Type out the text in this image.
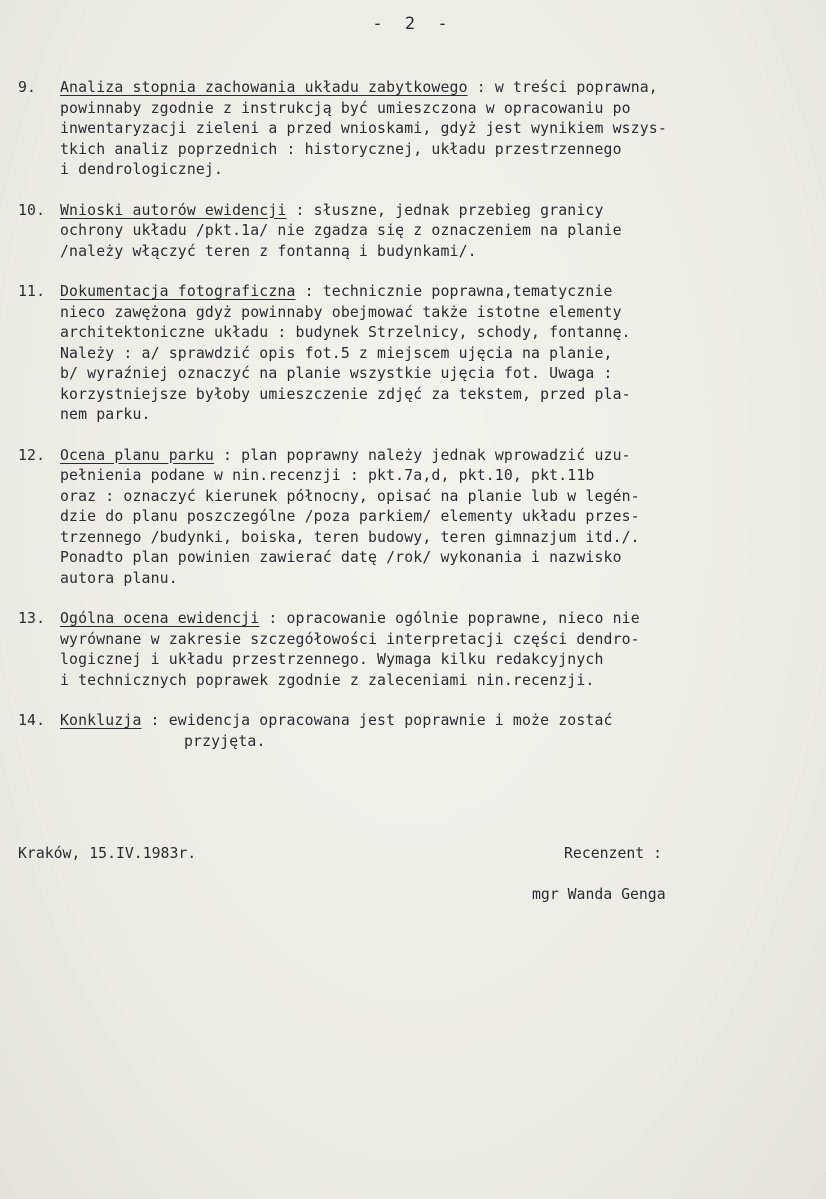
- 2 -
9. Analiza stopnia zachowania układu zabytkowego : w treści poprawna,
powinnaby zgodnie z instrukcją być umieszczona w opracowaniu po
inwentaryzacji zieleni a przed wnioskami, gdyż jest wynikiem wszys-
tkich analiz poprzednich : historycznej, układu przestrzennego
i dendrologicznej.
10. Wnioski autorów ewidencji : słuszne, jednak przebieg granicy
ochrony układu /pkt.1a/ nie zgadza się z oznaczeniem na planie
/należy włączyć teren z fontanną i budynkami/.
11. Dokumentacja fotograficzna : technicznie poprawna,tematycznie
nieco zawężona gdyż powinnaby obejmować także istotne elementy
architektoniczne układu : budynek Strzelnicy, schody, fontannę.
Należy : a/ sprawdzić opis fot.5 z miejscem ujęcia na planie,
b/ wyraźniej oznaczyć na planie wszystkie ujęcia fot. Uwaga :
korzystniejsze byłoby umieszczenie zdjęć za tekstem, przed pla-
nem parku.
12. Ocena planu parku : plan poprawny należy jednak wprowadzić uzu-
pełnienia podane w nin.recenzji : pkt.7a,d, pkt.10, pkt.11b
oraz : oznaczyć kierunek północny, opisać na planie lub w legén-
dzie do planu poszczególne /poza parkiem/ elementy układu przes-
trzennego /budynki, boiska, teren budowy, teren gimnazjum itd./.
Ponadto plan powinien zawierać datę /rok/ wykonania i nazwisko
autora planu.
13. Ogólna ocena ewidencji : opracowanie ogólnie poprawne, nieco nie
wyrównane w zakresie szczegółowości interpretacji części dendro-
logicznej i układu przestrzennego. Wymaga kilku redakcyjnych
i technicznych poprawek zgodnie z zaleceniami nin.recenzji.
14. Konkluzja : ewidencja opracowana jest poprawnie i może zostać
przyjęta.
Kraków, 15.IV.1983r.	Recenzent :
mgr Wanda Genga
